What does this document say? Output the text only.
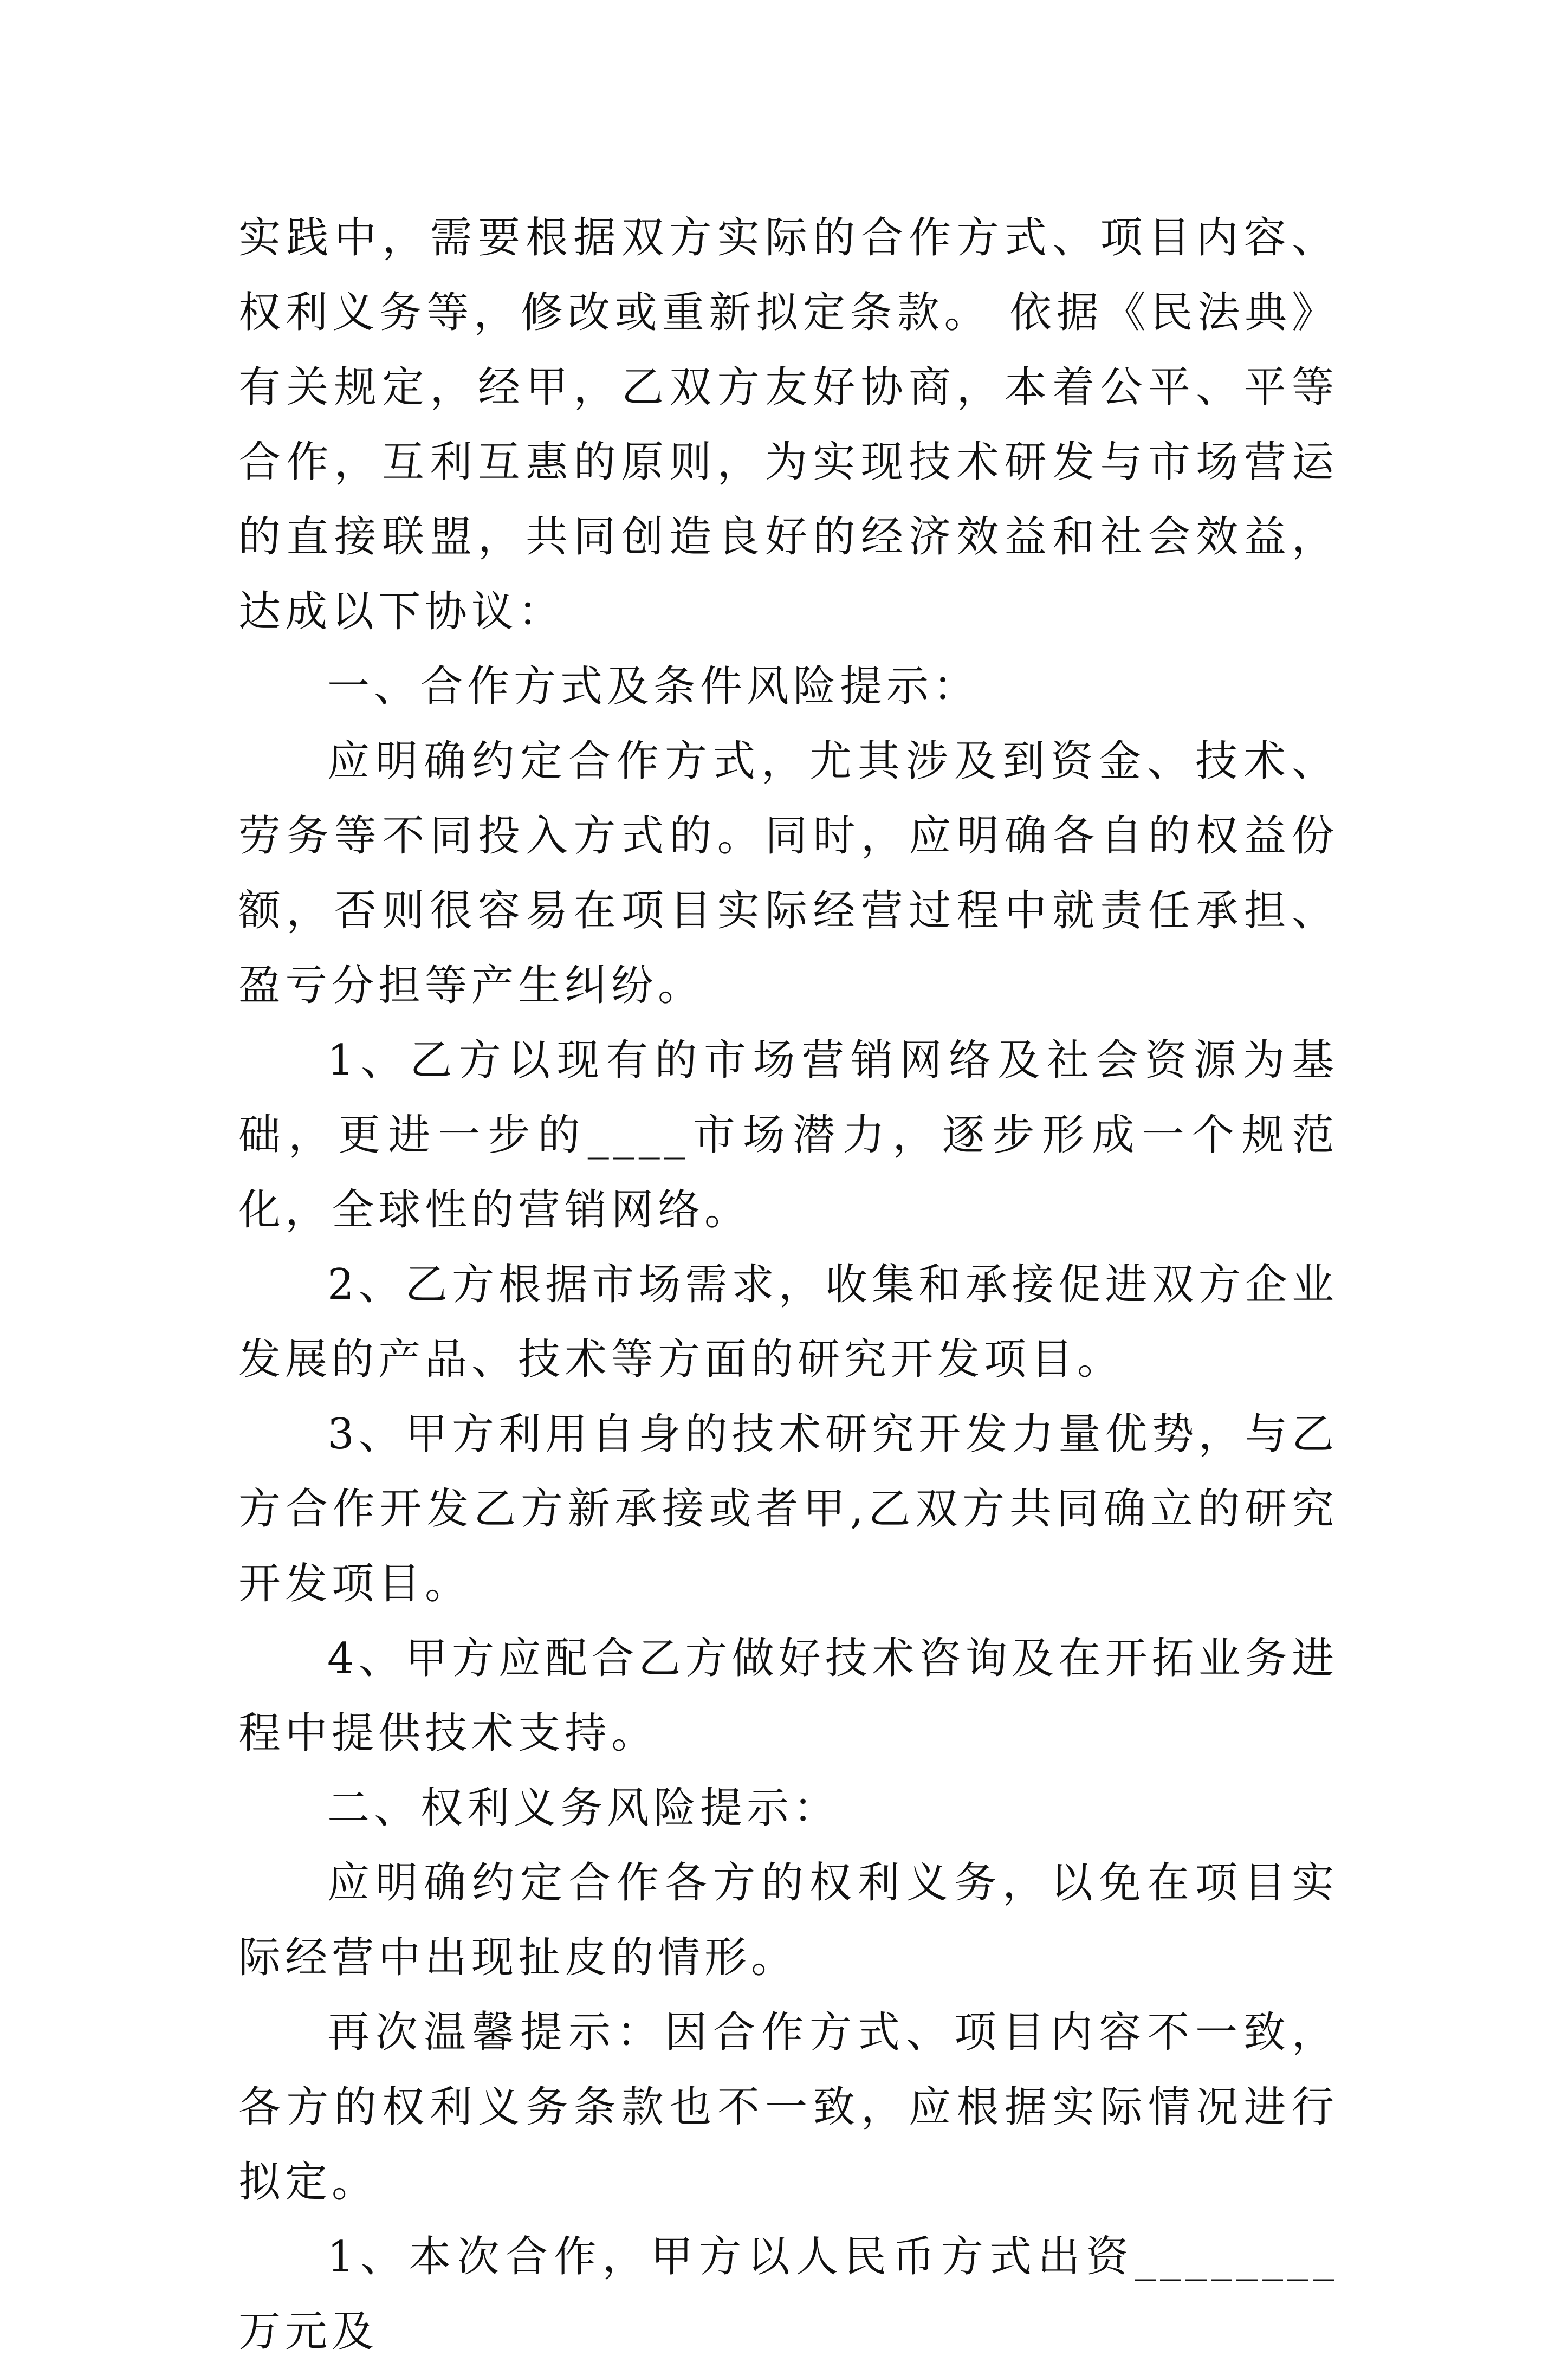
实践中，需要根据双方实际的合作方式、项目内容、权利义务等，修改或重新拟定条款。 依据《民法典》有关规定，经甲，乙双方友好协商，本着公平、平等合作，互利互惠的原则，为实现技术研发与市场营运的直接联盟，共同创造良好的经济效益和社会效益，达成以下协议：

一、合作方式及条件风险提示：

应明确约定合作方式，尤其涉及到资金、技术、劳务等不同投入方式的。同时，应明确各自的权益份额，否则很容易在项目实际经营过程中就责任承担、盈亏分担等产生纠纷。

1、乙方以现有的市场营销网络及社会资源为基础，更进一步的____市场潜力，逐步形成一个规范化，全球性的营销网络。

2、乙方根据市场需求，收集和承接促进双方企业发展的产品、技术等方面的研究开发项目。

3、甲方利用自身的技术研究开发力量优势，与乙方合作开发乙方新承接或者甲,乙双方共同确立的研究开发项目。

4、甲方应配合乙方做好技术咨询及在开拓业务进程中提供技术支持。

二、权利义务风险提示：

应明确约定合作各方的权利义务，以免在项目实际经营中出现扯皮的情形。

再次温馨提示：因合作方式、项目内容不一致，各方的权利义务条款也不一致，应根据实际情况进行拟定。

1、本次合作，甲方以人民币方式出资________万元及
